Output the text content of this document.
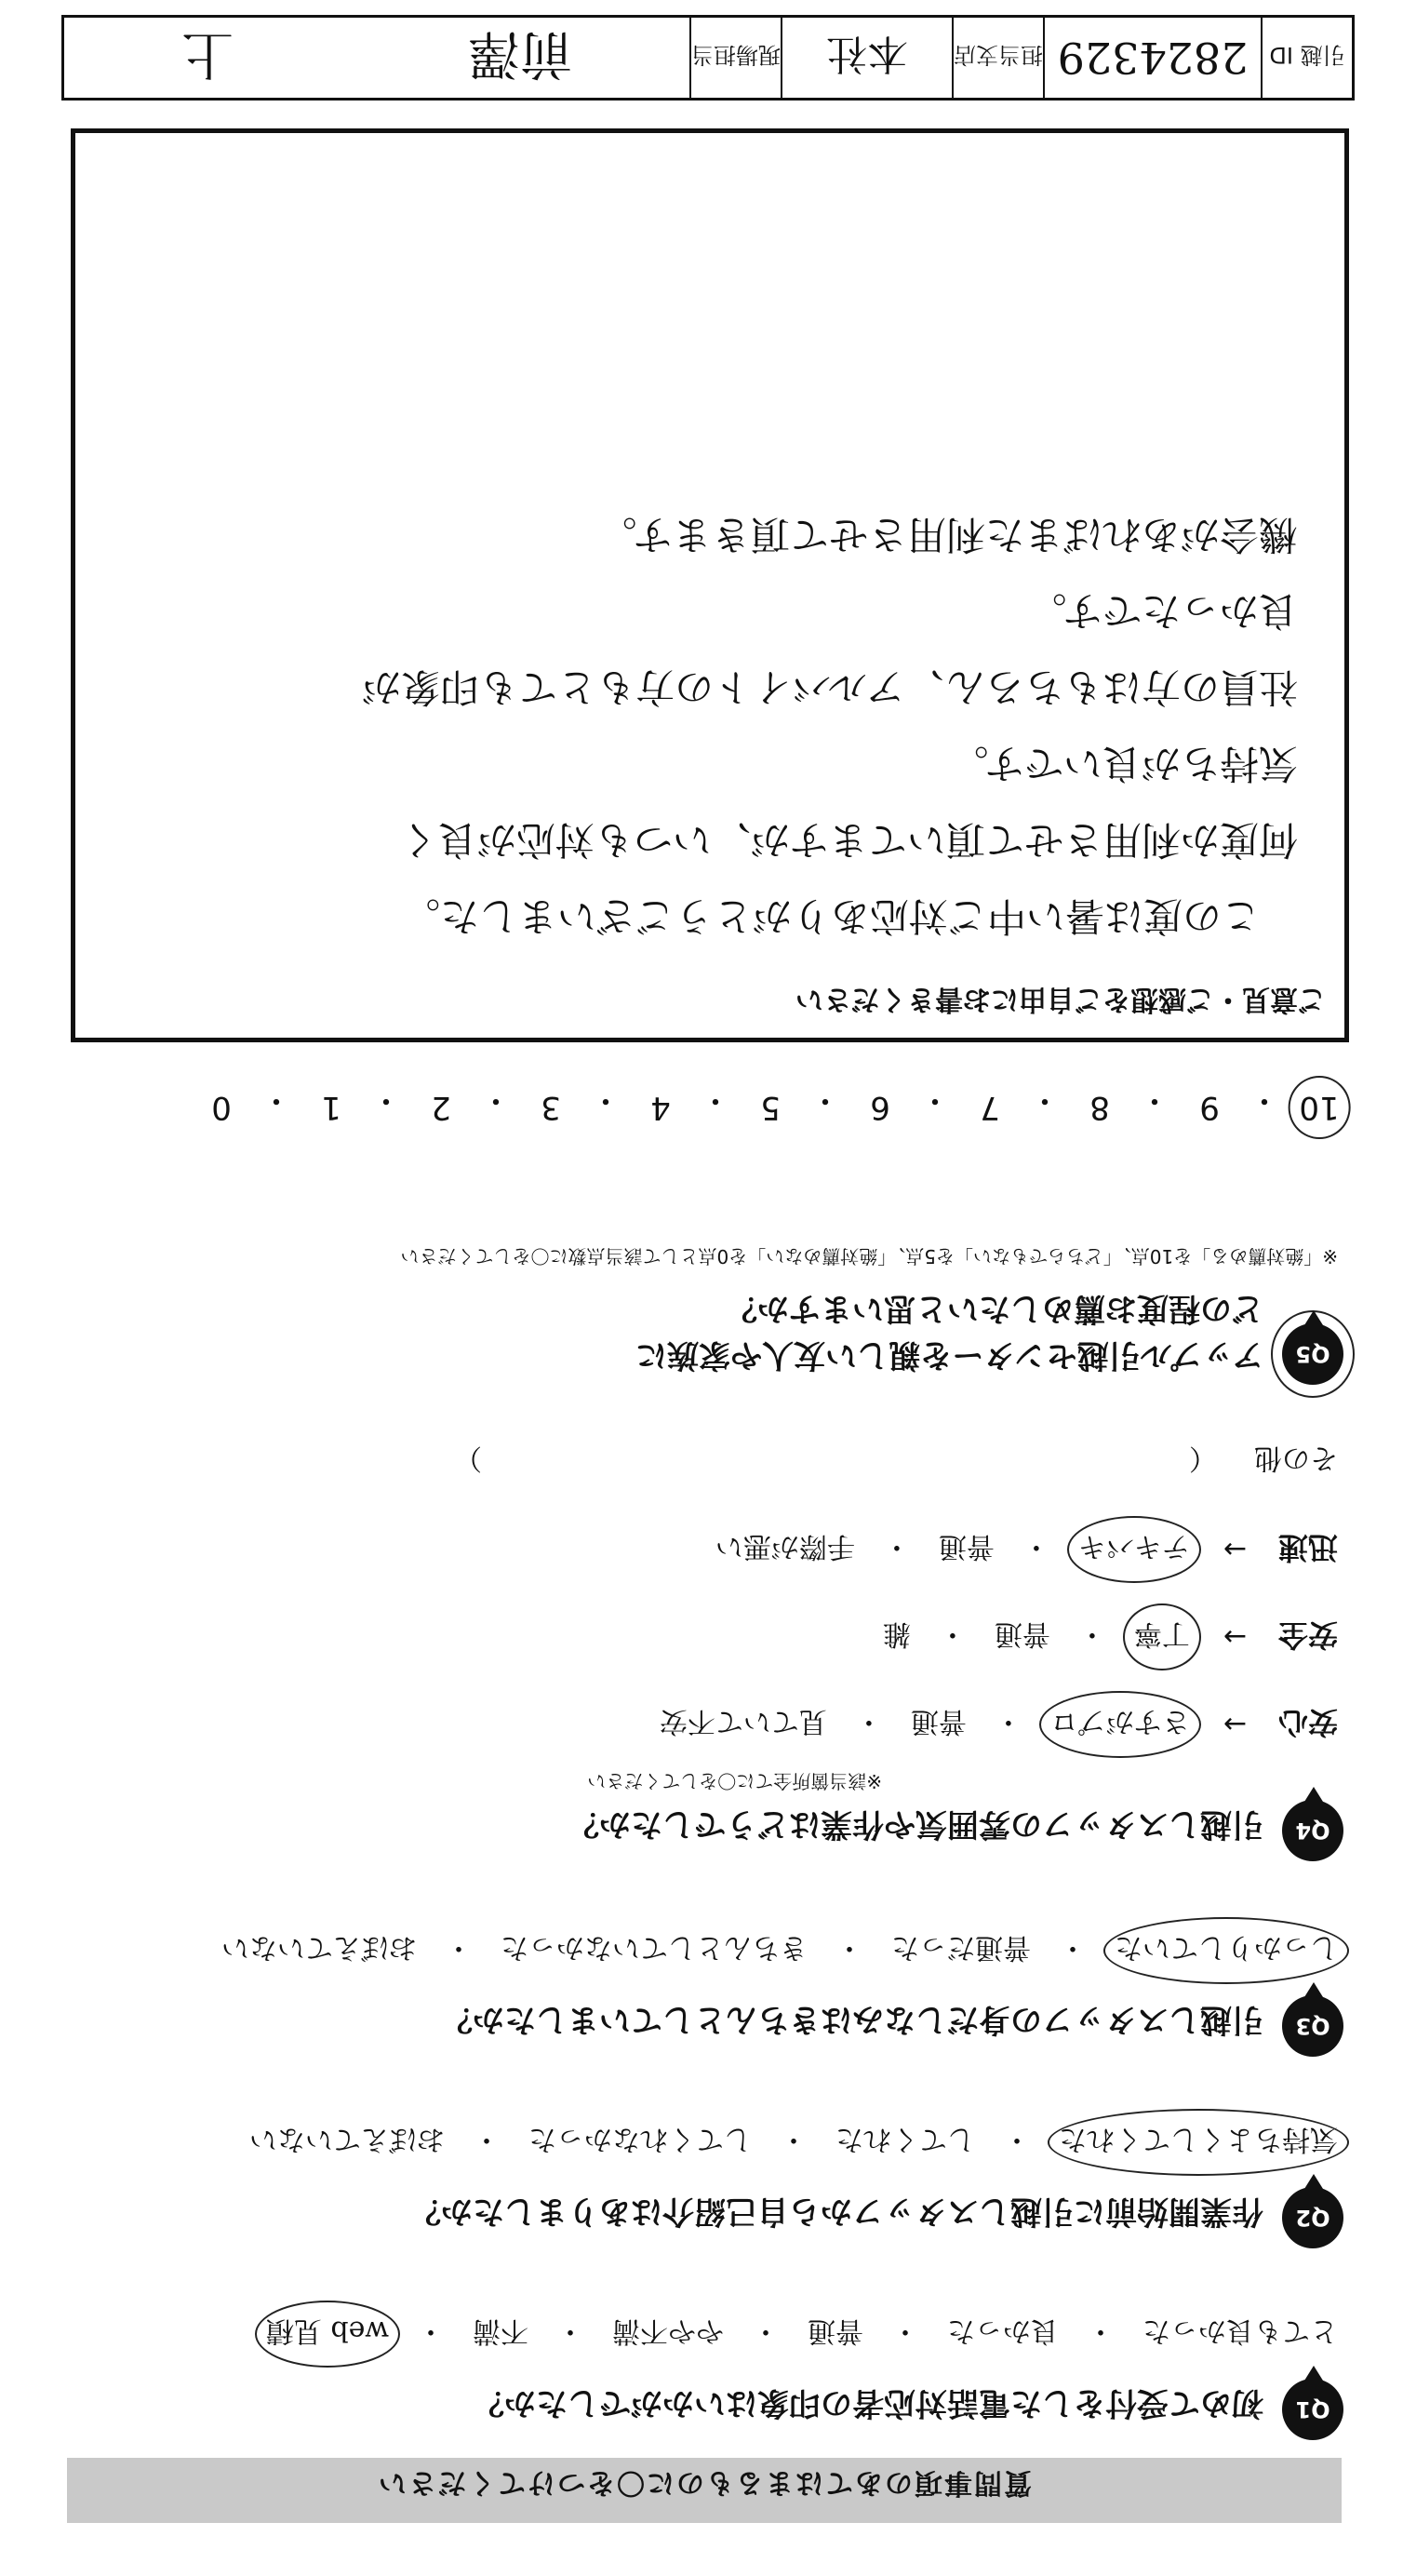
質問事項のあてはまるものに〇をつけてください
Q1
初めて受付をした電話対応者の印象はいかがでしたか？
とても良かった
・
良かった
・
普通
・
やや不満
・
不満
・
web 見積
Q2
作業開始前に引越しスタッフから自己紹介はありましたか？
気持ちよくしてくれた
・
してくれた
・
してくれなかった
・
おぼえていない
Q3
引越しスタッフの身だしなみはきちんとしていましたか？
しっかりしていた
・
普通だった
・
きちんとしていなかった
・
おぼえていない
Q4
引越しスタッフの雰囲気や作業はどうでしたか？
※該当箇所全てに〇をしてください
安心
→
さすがプロ
・
普通
・
見ていて不安
安全
→
丁寧
・
普通
・
雑
迅速
→
テキパキ
・
普通
・
手際が悪い
その他
（
）
Q5
アップル引越センターを親しい友人や家族に
どの程度お薦めしたいと思いますか？
※「絶対薦める」を10点、「どちらでもない」を5点、「絶対薦めない」を0点として該当点数に〇をしてください
10
・
9
・
8
・
7
・
6
・
5
・
4
・
3
・
2
・
1
・
0
ご意見・ご感想をご自由にお書きください
この度は暑い中ご対応ありがとうございました。
何度か利用させて頂いてますが、いつも対応が良く
気持ちが良いです。
社員の方はもちろん、アルバイトの方もとても印象が
良かったです。
機会があればまた利用させて頂きます。
引越 ID
2824329
担当支店
本社
現場担当
前澤
上
